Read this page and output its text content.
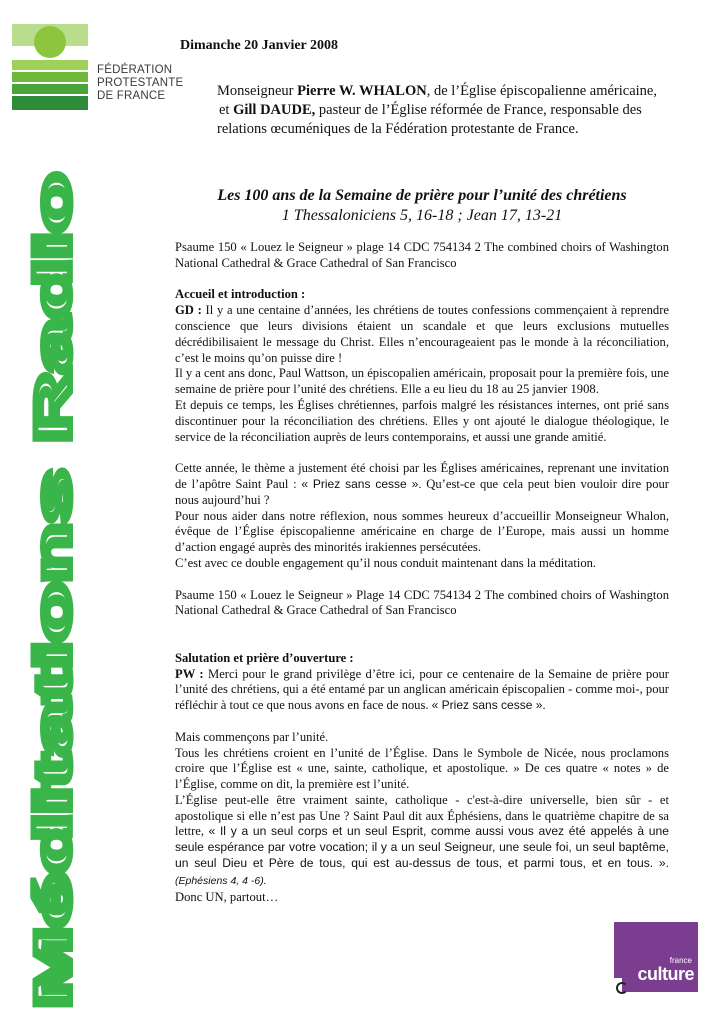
FÉDÉRATION
PROTESTANTE
DE FRANCE
Méditations Radio
Dimanche 20 Janvier 2008
Monseigneur Pierre W. WHALON, de l’Église épiscopalienne américaine,
et Gill DAUDE, pasteur de l’Église réformée de France, responsable des
relations œcuméniques de la Fédération protestante de France.
Les 100 ans de la Semaine de prière pour l’unité des chrétiens
1 Thessaloniciens 5, 16-18 ; Jean 17, 13-21

Psaume 150 « Louez le Seigneur » plage 14 CDC 754134 2 The combined choirs of Washington National Cathedral & Grace Cathedral of San Francisco

Accueil et introduction :

GD : Il y a une centaine d’années, les chrétiens de toutes confessions commençaient à reprendre conscience que leurs divisions étaient un scandale et que leurs exclusions mutuelles décrédibilisaient le message du Christ. Elles n’encourageaient pas le monde à la réconciliation, c’est le moins qu’on puisse dire !

Il y a cent ans donc, Paul Wattson, un épiscopalien américain, proposait pour la première fois, une semaine de prière pour l’unité des chrétiens. Elle a eu lieu du 18 au 25 janvier 1908.

Et depuis ce temps, les Églises chrétiennes, parfois malgré les résistances internes, ont prié sans discontinuer pour la réconciliation des chrétiens. Elles y ont ajouté le dialogue théologique, le service de la réconciliation auprès de leurs contemporains, et aussi une grande amitié.

Cette année, le thème a justement été choisi par les Églises américaines, reprenant une invitation de l’apôtre Saint Paul : « Priez sans cesse ». Qu’est-ce que cela peut bien vouloir dire pour nous aujourd’hui ?

Pour nous aider dans notre réflexion, nous sommes heureux d’accueillir Monseigneur Whalon, évêque de l’Église épiscopalienne américaine en charge de l’Europe, mais aussi un homme d’action engagé auprès des minorités irakiennes persécutées.

C’est avec ce double engagement qu’il nous conduit maintenant dans la méditation.

Psaume 150 « Louez le Seigneur » Plage 14 CDC 754134 2 The combined choirs of Washington National Cathedral & Grace Cathedral of San Francisco

Salutation et prière d’ouverture :

PW : Merci pour le grand privilège d’être ici, pour ce centenaire de la Semaine de prière pour l’unité des chrétiens, qui a été entamé par un anglican américain épiscopalien - comme moi-, pour réfléchir à tout ce que nous avons en face de nous. « Priez sans cesse ».

Mais commençons par l’unité.

Tous les chrétiens croient en l’unité de l’Église. Dans le Symbole de Nicée, nous proclamons croire que l’Église est « une, sainte, catholique, et apostolique. » De ces quatre « notes » de l’Église, comme on dit, la première est l’unité.

L’Église peut-elle être vraiment sainte, catholique - c'est-à-dire universelle, bien sûr - et apostolique si elle n’est pas Une ? Saint Paul dit aux Éphésiens, dans le quatrième chapitre de sa lettre, « Il y a un seul corps et un seul Esprit, comme aussi vous avez été appelés à une seule espérance par votre vocation; il y a un seul Seigneur, une seule foi, un seul baptême, un seul Dieu et Père de tous, qui est au-dessus de tous, et parmi tous, et en tous. ». (Ephésiens 4, 4 -6).

Donc UN, partout…

france
culture
